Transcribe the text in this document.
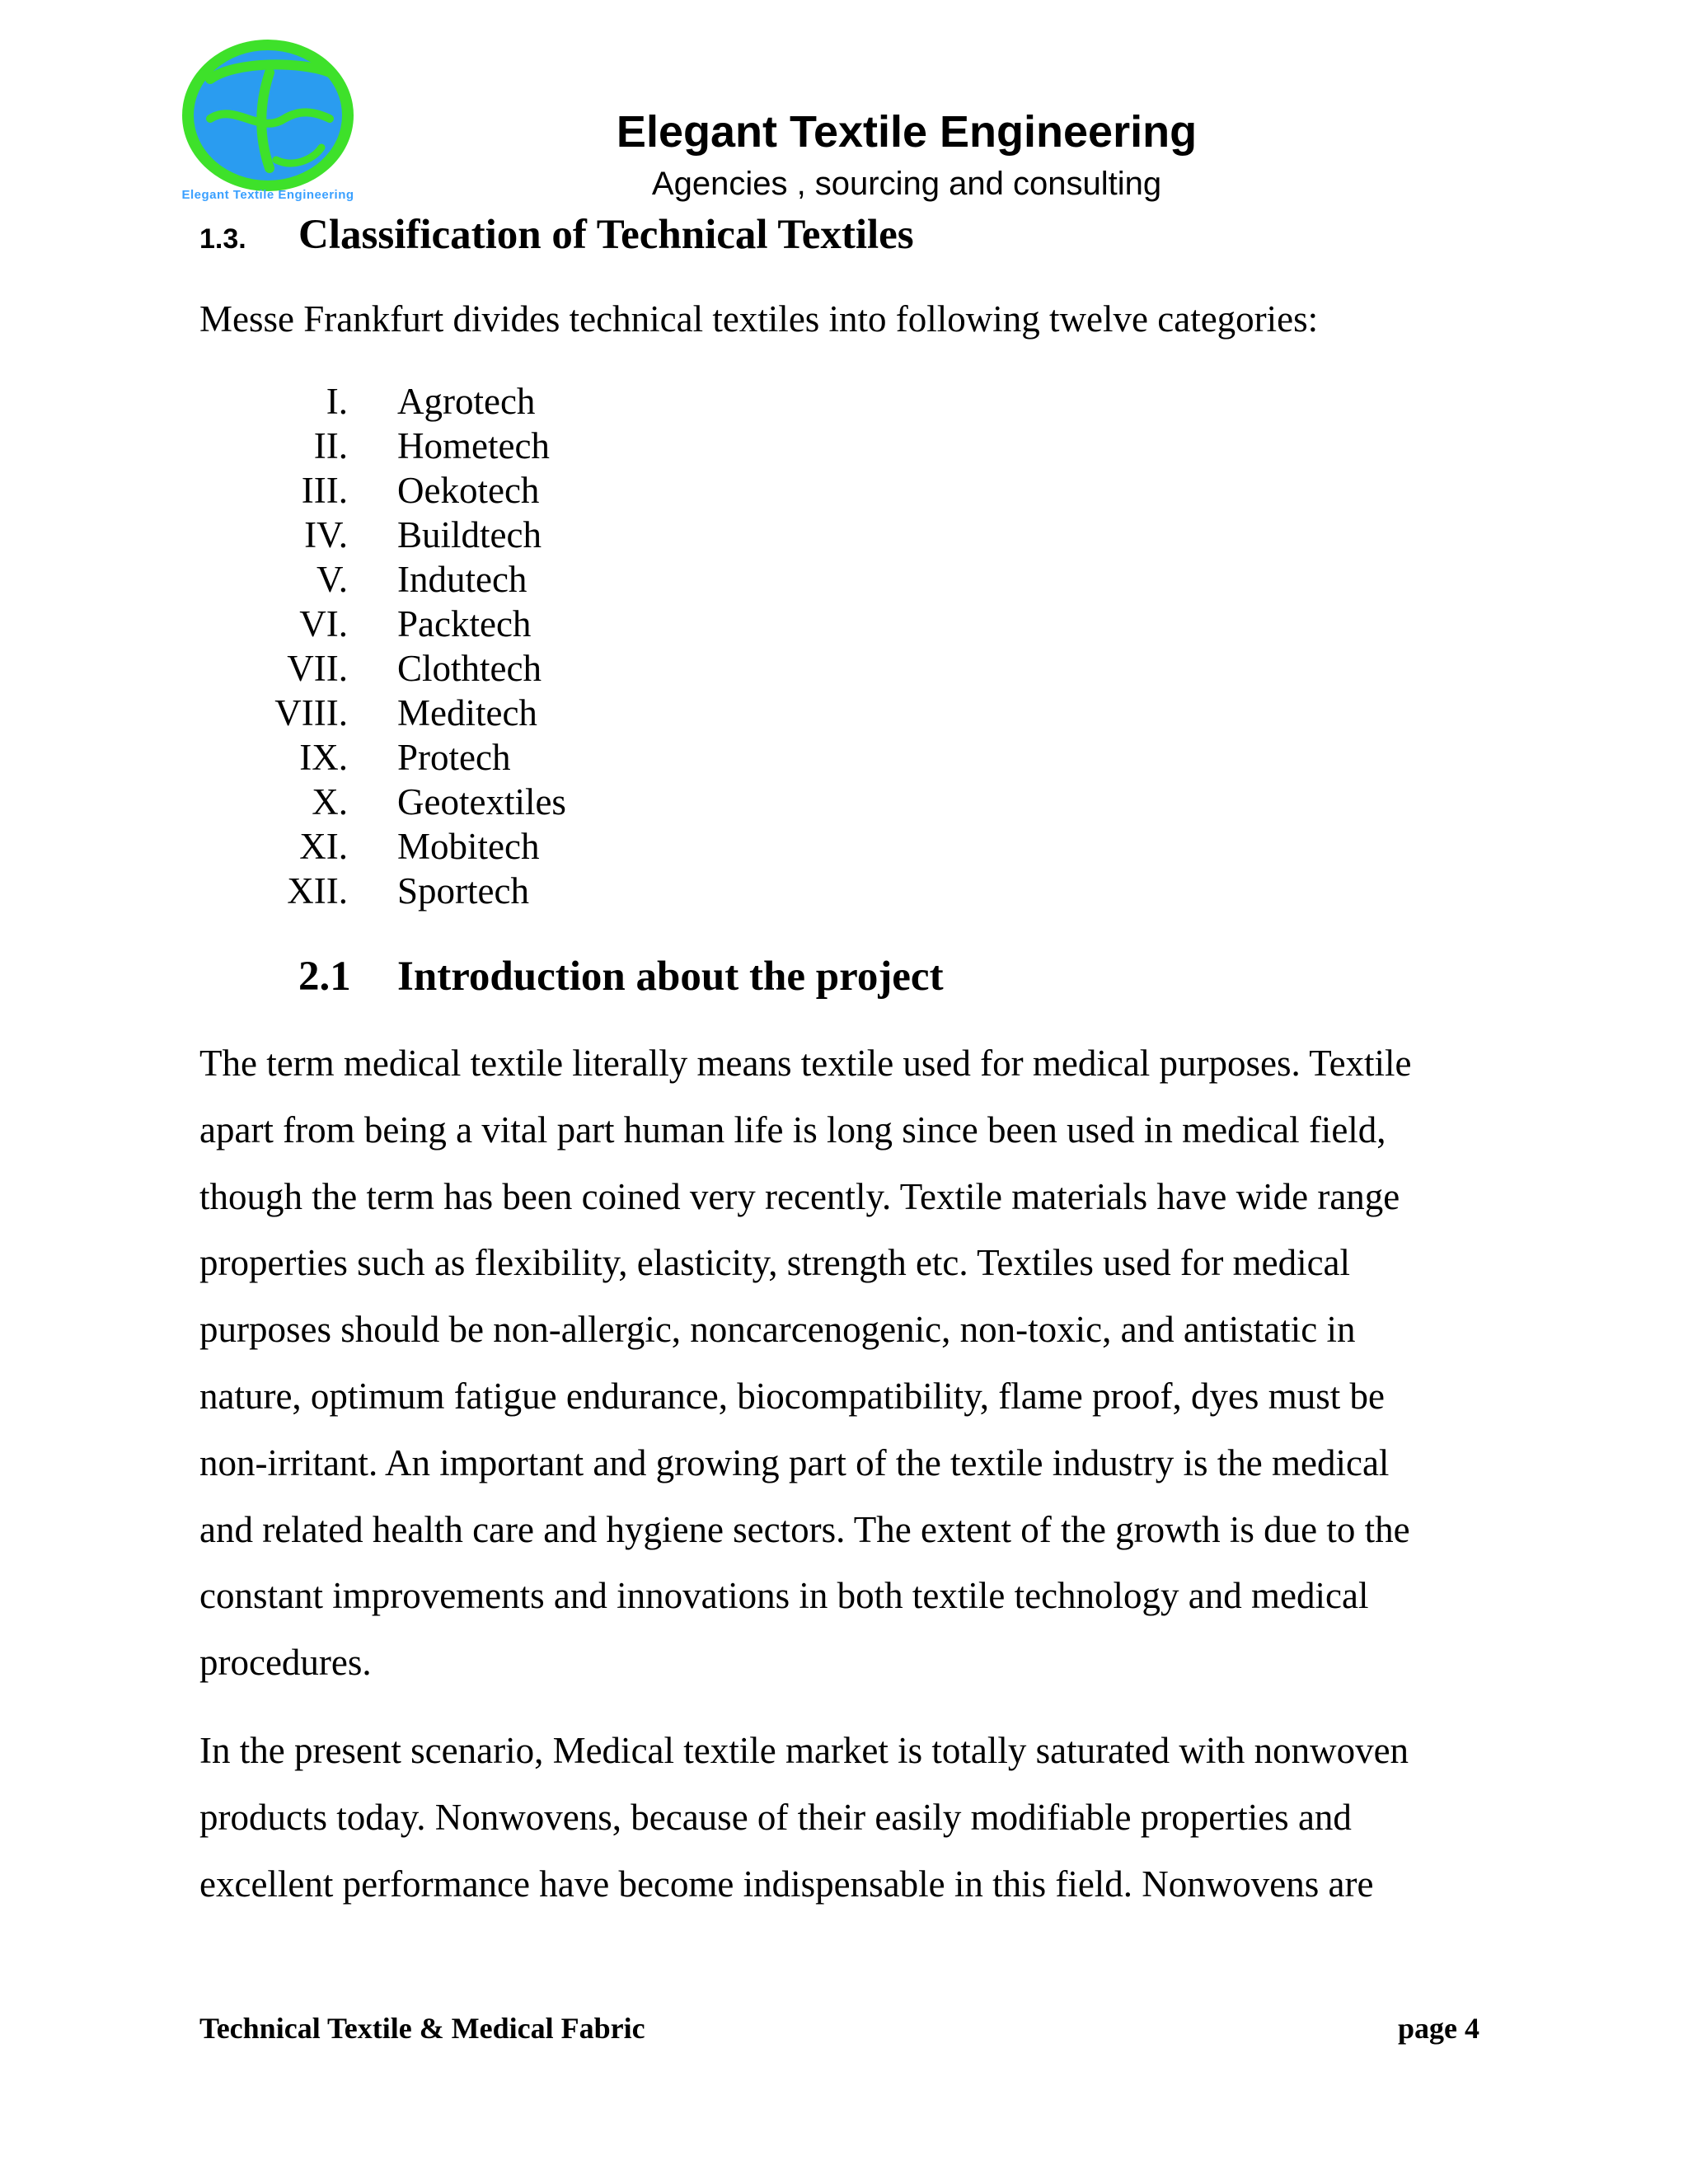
Elegant Textile Engineering
Elegant Textile Engineering
Agencies , sourcing and consulting
1.3. Classification of Technical Textiles
Messe Frankfurt divides technical textiles into following twelve categories:
I. Agrotech
II. Hometech
III. Oekotech
IV. Buildtech
V. Indutech
VI. Packtech
VII. Clothtech
VIII. Meditech
IX. Protech
X. Geotextiles
XI. Mobitech
XII. Sportech
2.1 Introduction about the project
The term medical textile literally means textile used for medical purposes. Textile
apart from being a vital part human life is long since been used in medical field,
though the term has been coined very recently. Textile materials have wide range
properties such as flexibility, elasticity, strength etc. Textiles used for medical
purposes should be non-allergic, noncarcenogenic, non-toxic, and antistatic in
nature, optimum fatigue endurance, biocompatibility, flame proof, dyes must be
non-irritant. An important and growing part of the textile industry is the medical
and related health care and hygiene sectors. The extent of the growth is due to the
constant improvements and innovations in both textile technology and medical
procedures.
In the present scenario, Medical textile market is totally saturated with nonwoven
products today. Nonwovens, because of their easily modifiable properties and
excellent performance have become indispensable in this field. Nonwovens are
Technical Textile & Medical Fabric	page 4
